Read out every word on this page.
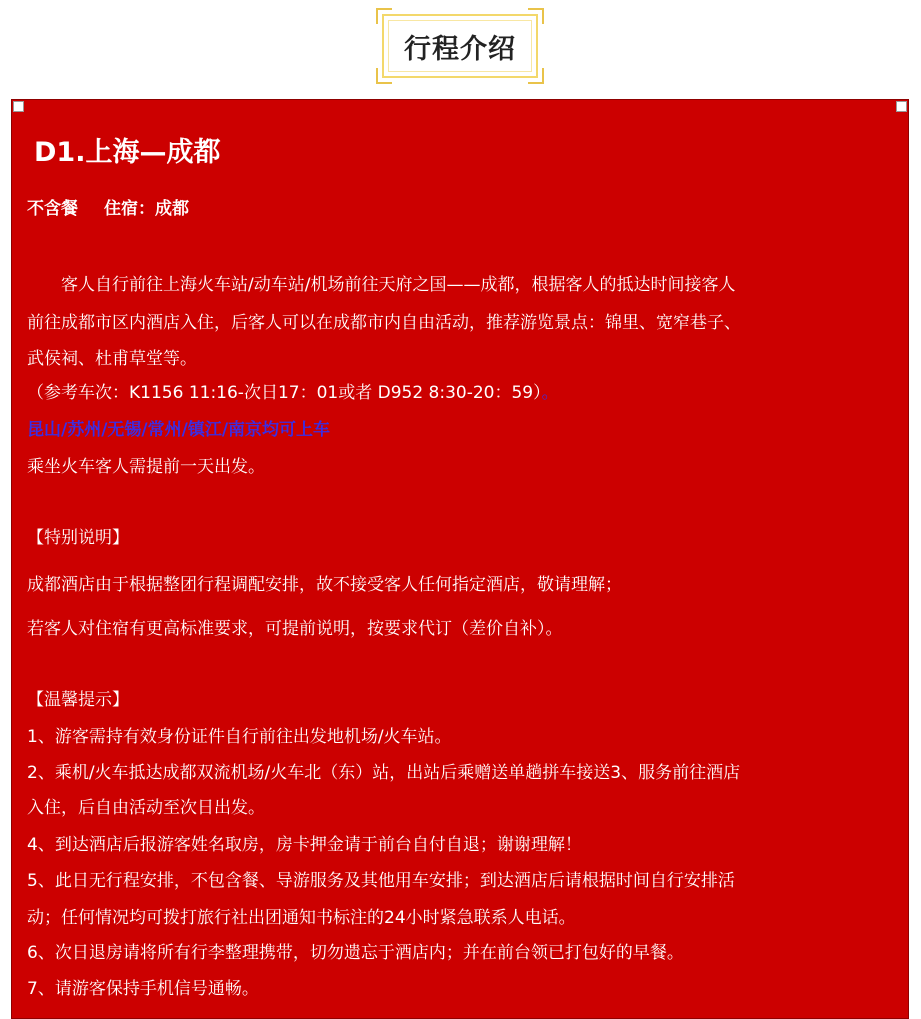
行程介绍
D1.上海—成都
不含餐 住宿：成都
　　客人自行前往上海火车站/动车站/机场前往天府之国——成都，根据客人的抵达时间接客人
前往成都市区内酒店入住，后客人可以在成都市内自由活动，推荐游览景点：锦里、宽窄巷子、
武侯祠、杜甫草堂等。
（参考车次：K1156 11:16-次日17：01或者 D952 8:30-20：59）。
昆山/苏州/无锡/常州/镇江/南京均可上车
乘坐火车客人需提前一天出发。
【特别说明】
成都酒店由于根据整团行程调配安排，故不接受客人任何指定酒店，敬请理解；
若客人对住宿有更高标准要求，可提前说明，按要求代订（差价自补）。
【温馨提示】
1、游客需持有效身份证件自行前往出发地机场/火车站。
2、乘机/火车抵达成都双流机场/火车北（东）站，出站后乘赠送单趟拼车接送3、服务前往酒店
入住，后自由活动至次日出发。
4、到达酒店后报游客姓名取房，房卡押金请于前台自付自退；谢谢理解！
5、此日无行程安排，不包含餐、导游服务及其他用车安排；到达酒店后请根据时间自行安排活
动；任何情况均可拨打旅行社出团通知书标注的24小时紧急联系人电话。
6、次日退房请将所有行李整理携带，切勿遗忘于酒店内；并在前台领已打包好的早餐。
7、请游客保持手机信号通畅。
